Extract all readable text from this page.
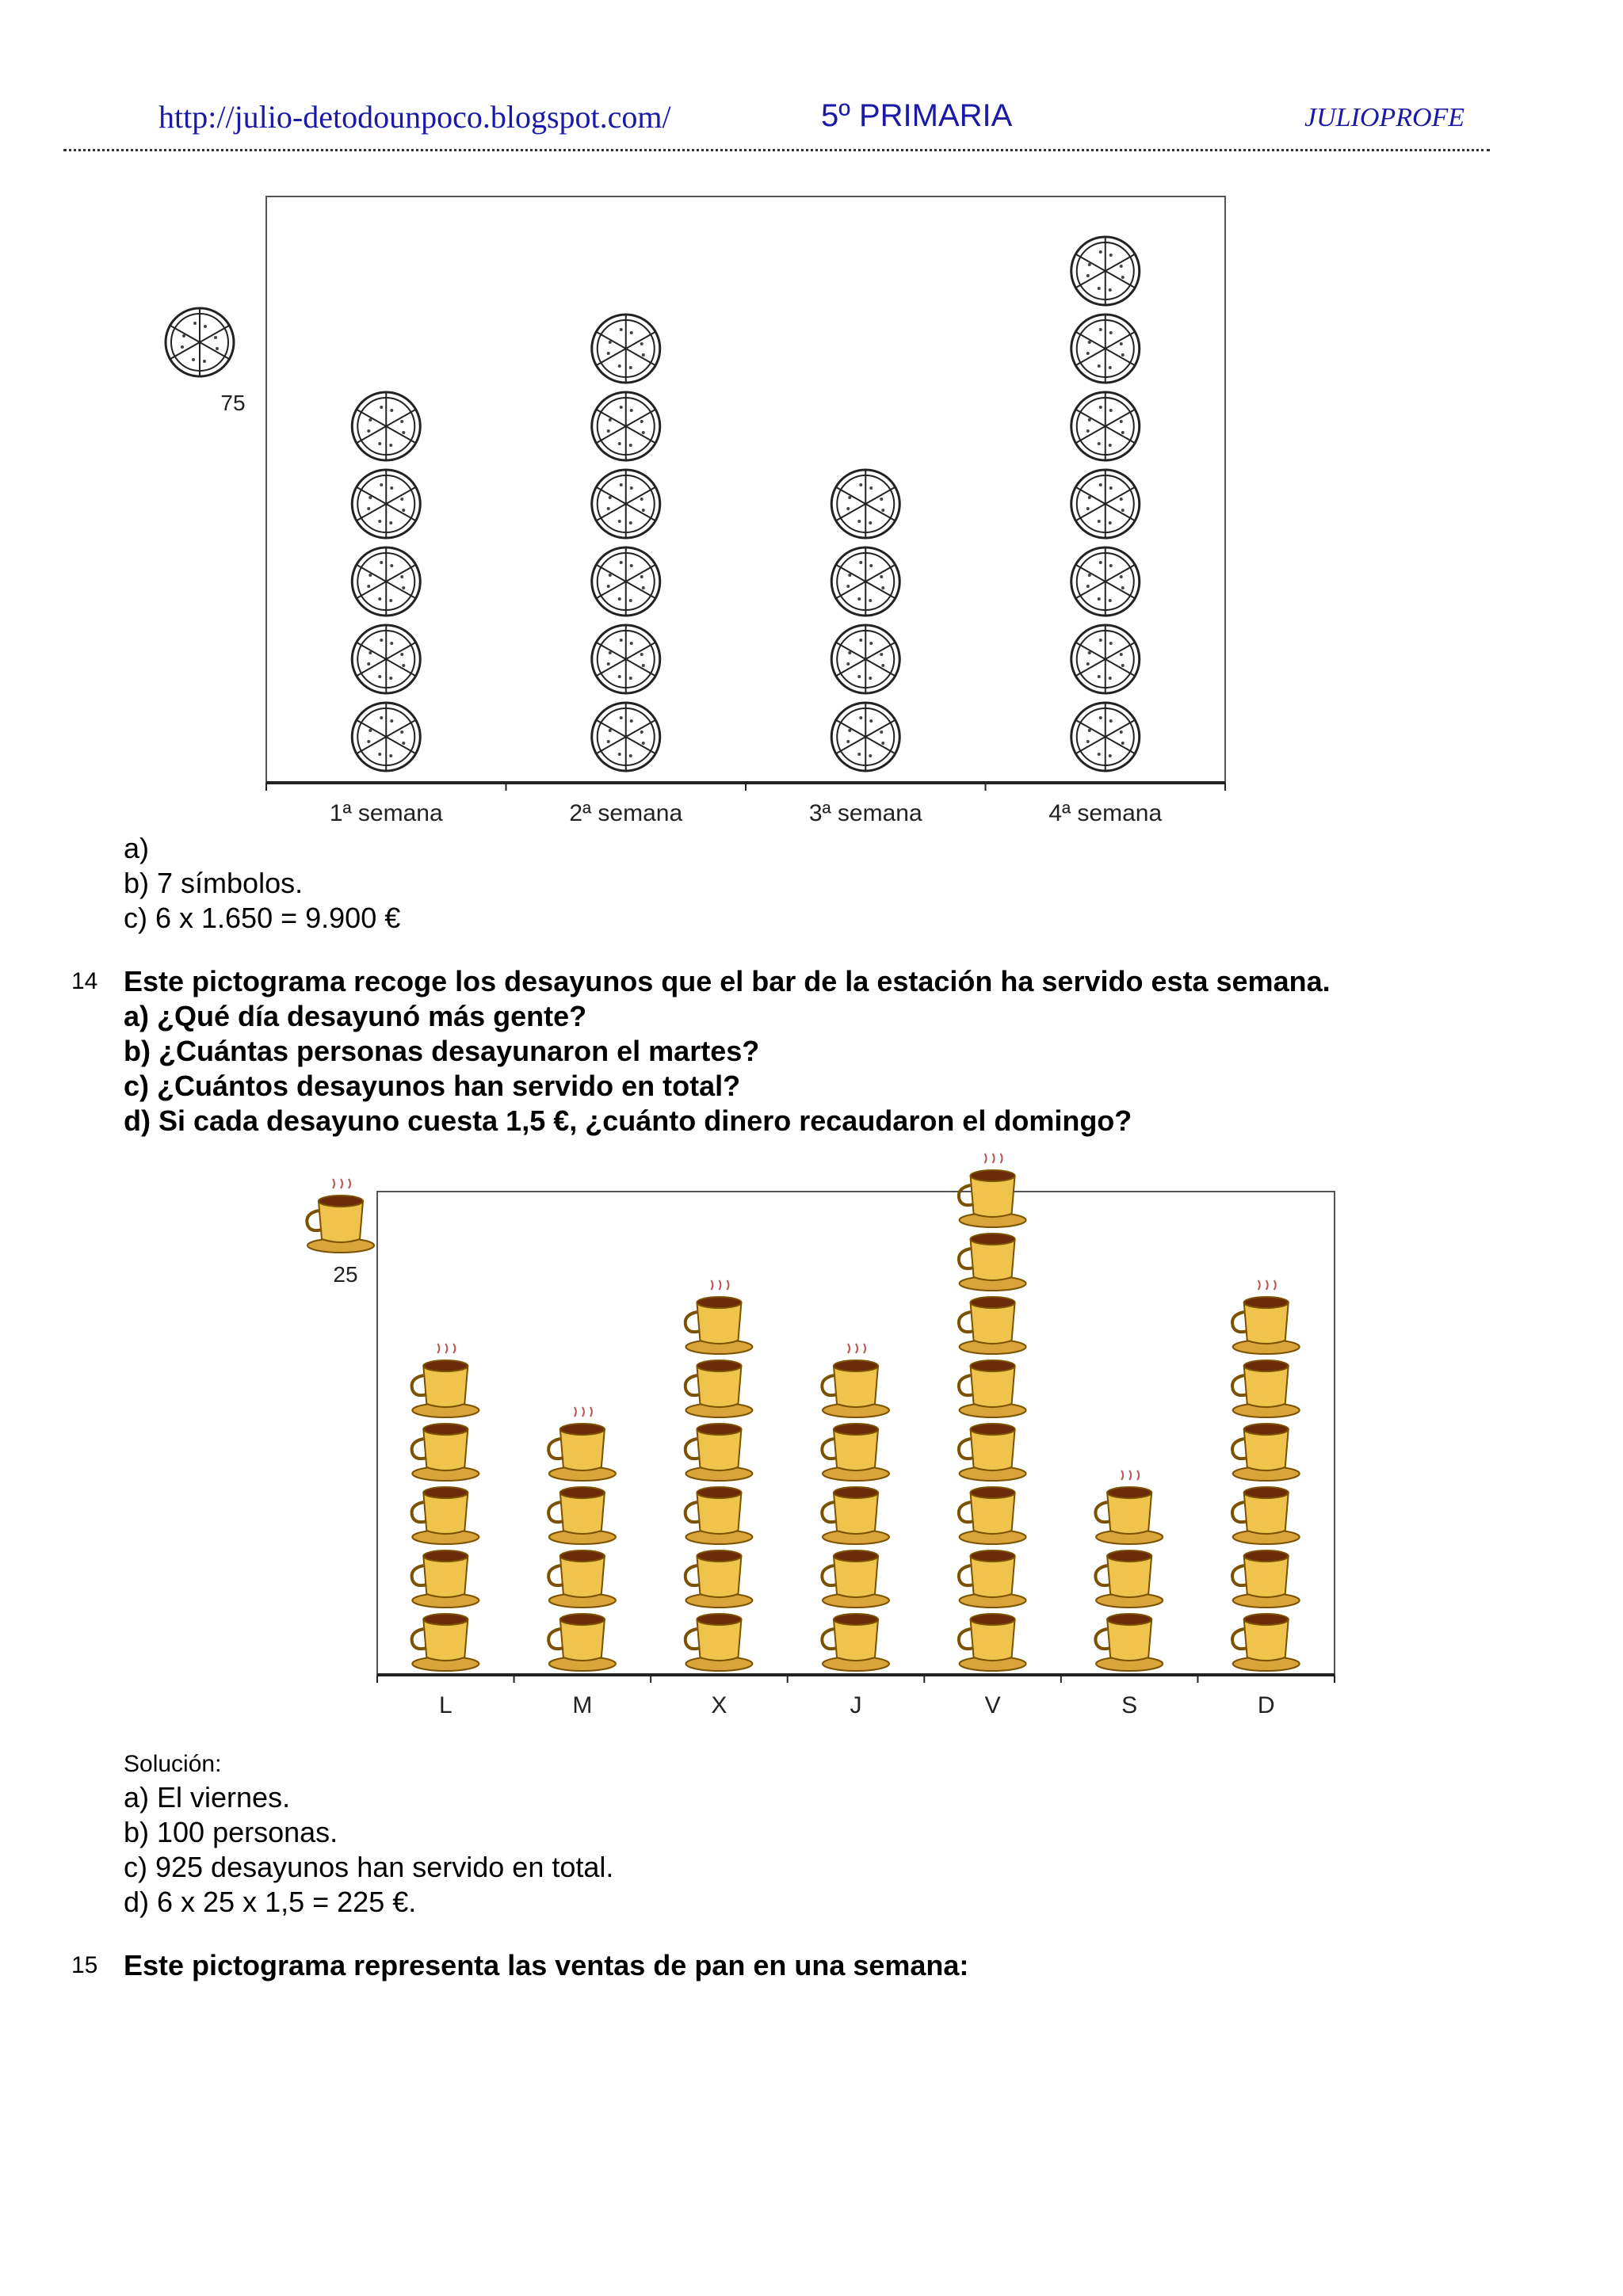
http://julio-detodounpoco.blogspot.com/	5º PRIMARIA	JULIOPROFE
1ª semana	2ª semana	3ª semana	4ª semana
75
L	M	X	J	V	S	D
25
a)
b) 7 símbolos.
c) 6 x 1.650 = 9.900 €
14 Este pictograma recoge los desayunos que el bar de la estación ha servido esta semana.
a) ¿Qué día desayunó más gente?
b) ¿Cuántas personas desayunaron el martes?
c) ¿Cuántos desayunos han servido en total?
d) Si cada desayuno cuesta 1,5 €, ¿cuánto dinero recaudaron el domingo?
Solución:
a) El viernes.
b) 100 personas.
c) 925 desayunos han servido en total.
d) 6 x 25 x 1,5 = 225 €.
15 Este pictograma representa las ventas de pan en una semana:
